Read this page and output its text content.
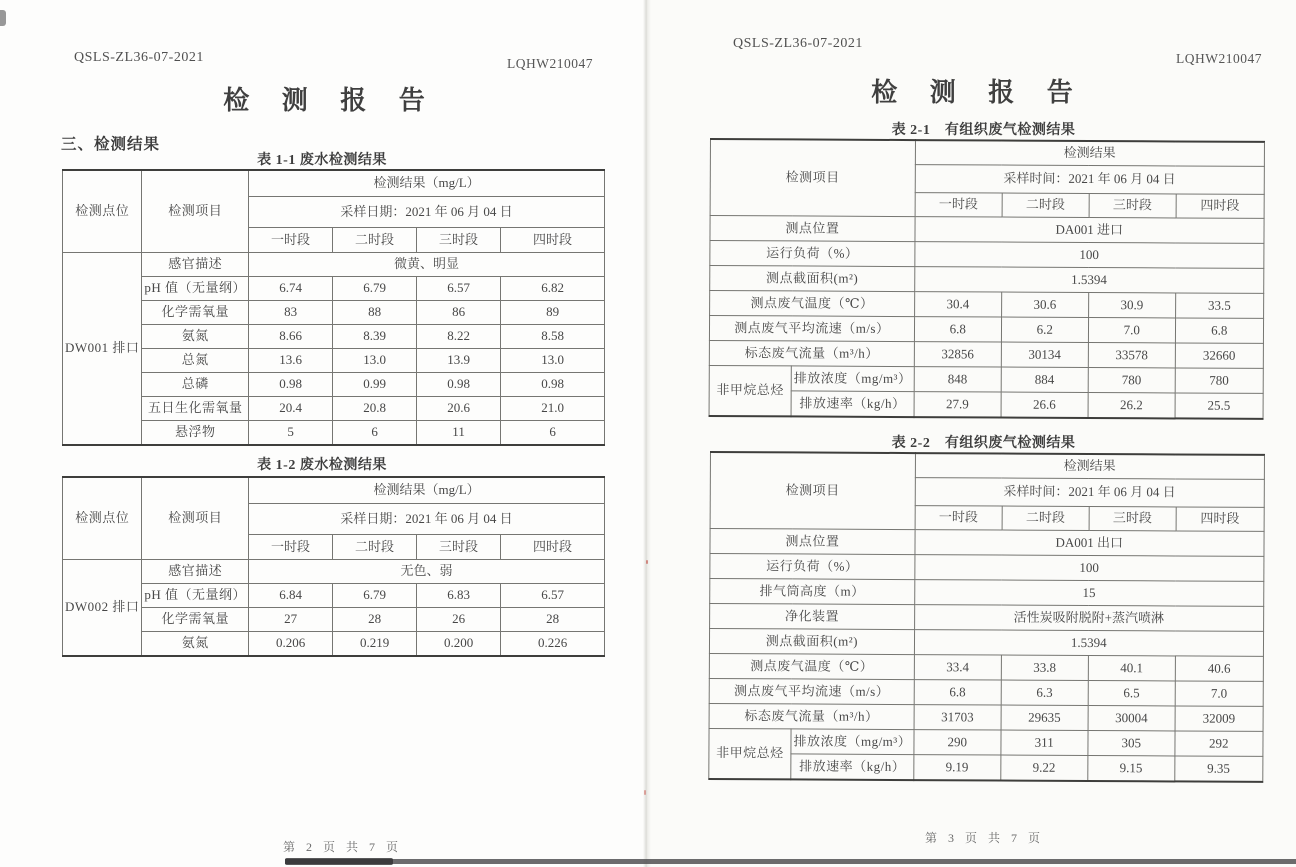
QSLS-ZL36-07-2021	LQHW210047
检 测 报 告
三、检测结果
表 1-1 废水检测结果
检测点位	检测项目	检测结果（mg/L）			
		采样日期：2021 年 06 月 04 日			
		一时段	二时段	三时段	四时段
DW001 排口	感官描述	微黄、明显			
	pH 值（无量纲）	6.74	6.79	6.57	6.82
	化学需氧量	83	88	86	89
	氨氮	8.66	8.39	8.22	8.58
	总氮	13.6	13.0	13.9	13.0
	总磷	0.98	0.99	0.98	0.98
	五日生化需氧量	20.4	20.8	20.6	21.0
	悬浮物	5	6	11	6
表 1-2 废水检测结果
检测点位	检测项目	检测结果（mg/L）			
		采样日期：2021 年 06 月 04 日			
		一时段	二时段	三时段	四时段
DW002 排口	感官描述	无色、弱			
	pH 值（无量纲）	6.84	6.79	6.83	6.57
	化学需氧量	27	28	26	28
	氨氮	0.206	0.219	0.200	0.226
第 2 页 共 7 页
QSLS-ZL36-07-2021
LQHW210047
检 测 报 告
表 2-1　有组织废气检测结果
检测项目		检测结果			
		采样时间：2021 年 06 月 04 日			
		一时段	二时段	三时段	四时段
测点位置		DA001 进口			
运行负荷（%）		100			
测点截面积(m²)		1.5394			
测点废气温度（℃）		30.4	30.6	30.9	33.5
测点废气平均流速（m/s）		6.8	6.2	7.0	6.8
标态废气流量（m³/h）		32856	30134	33578	32660
非甲烷总烃	排放浓度（mg/m³）	848	884	780	780
	排放速率（kg/h）	27.9	26.6	26.2	25.5
表 2-2　有组织废气检测结果
检测项目		检测结果			
		采样时间：2021 年 06 月 04 日			
		一时段	二时段	三时段	四时段
测点位置		DA001 出口			
运行负荷（%）		100			
排气筒高度（m）		15			
净化装置		活性炭吸附脱附+蒸汽喷淋			
测点截面积(m²)		1.5394			
测点废气温度（℃）		33.4	33.8	40.1	40.6
测点废气平均流速（m/s）		6.8	6.3	6.5	7.0
标态废气流量（m³/h）		31703	29635	30004	32009
非甲烷总烃	排放浓度（mg/m³）	290	311	305	292
	排放速率（kg/h）	9.19	9.22	9.15	9.35
第 3 页 共 7 页
